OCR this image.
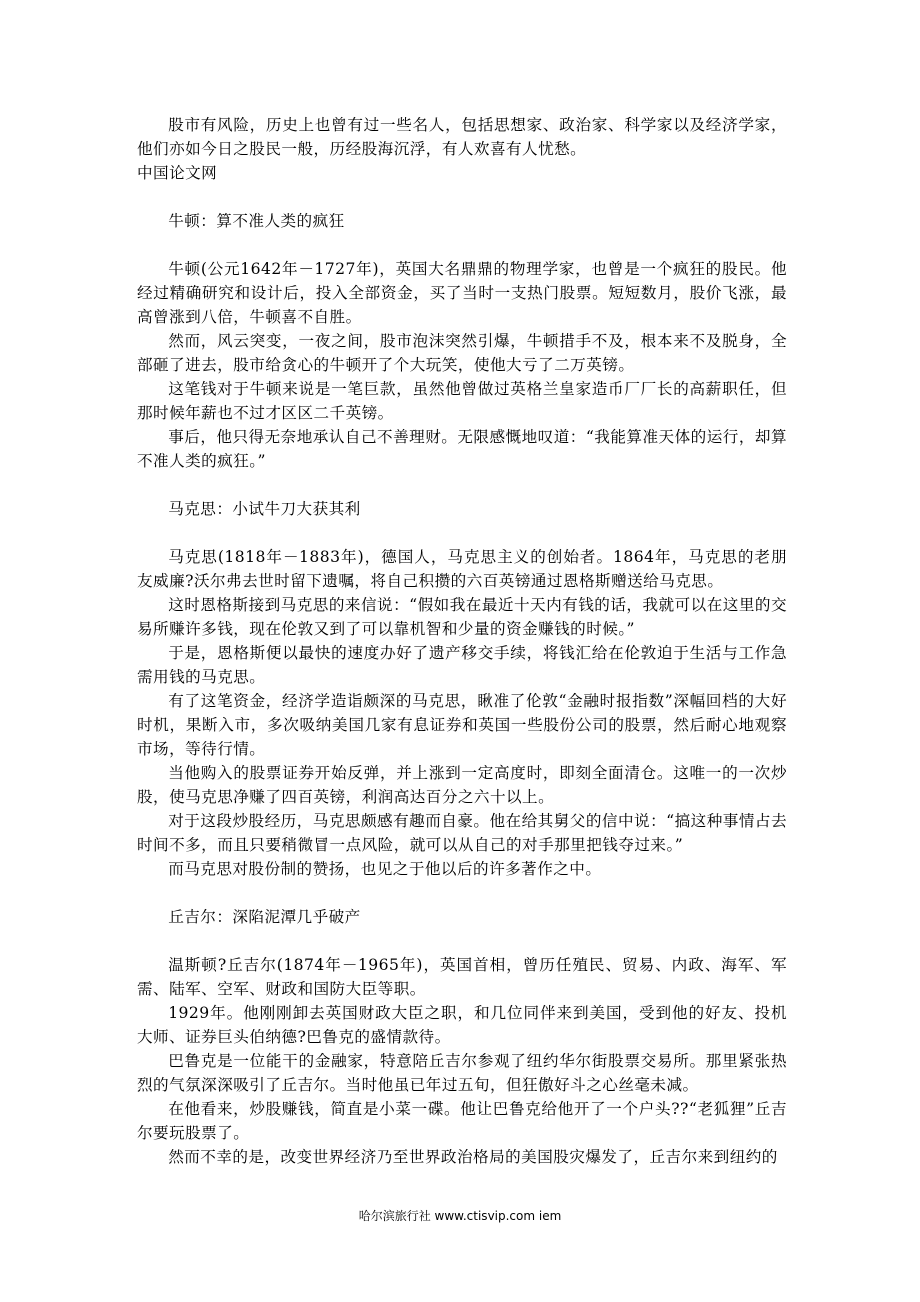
股市有风险，历史上也曾有过一些名人，包括思想家、政治家、科学家以及经济学家，他们亦如今日之股民一般，历经股海沉浮，有人欢喜有人忧愁。

中国论文网

牛顿：算不准人类的疯狂

牛顿(公元1642年－1727年)，英国大名鼎鼎的物理学家，也曾是一个疯狂的股民。他经过精确研究和设计后，投入全部资金，买了当时一支热门股票。短短数月，股价飞涨，最高曾涨到八倍，牛顿喜不自胜。

然而，风云突变，一夜之间，股市泡沫突然引爆，牛顿措手不及，根本来不及脱身，全部砸了进去，股市给贪心的牛顿开了个大玩笑，使他大亏了二万英镑。

这笔钱对于牛顿来说是一笔巨款，虽然他曾做过英格兰皇家造币厂厂长的高薪职任，但那时候年薪也不过才区区二千英镑。

事后，他只得无奈地承认自己不善理财。无限感慨地叹道：“我能算准天体的运行，却算不准人类的疯狂。”

马克思：小试牛刀大获其利

马克思(1818年－1883年)，德国人，马克思主义的创始者。1864年，马克思的老朋友威廉?沃尔弗去世时留下遗嘱，将自己积攒的六百英镑通过恩格斯赠送给马克思。

这时恩格斯接到马克思的来信说：“假如我在最近十天内有钱的话，我就可以在这里的交易所赚许多钱，现在伦敦又到了可以靠机智和少量的资金赚钱的时候。”

于是，恩格斯便以最快的速度办好了遗产移交手续，将钱汇给在伦敦迫于生活与工作急需用钱的马克思。

有了这笔资金，经济学造诣颇深的马克思，瞅准了伦敦“金融时报指数”深幅回档的大好时机，果断入市，多次吸纳美国几家有息证券和英国一些股份公司的股票，然后耐心地观察市场，等待行情。

当他购入的股票证券开始反弹，并上涨到一定高度时，即刻全面清仓。这唯一的一次炒股，使马克思净赚了四百英镑，利润高达百分之六十以上。

对于这段炒股经历，马克思颇感有趣而自豪。他在给其舅父的信中说：“搞这种事情占去时间不多，而且只要稍微冒一点风险，就可以从自己的对手那里把钱夺过来。”

而马克思对股份制的赞扬，也见之于他以后的许多著作之中。

丘吉尔：深陷泥潭几乎破产

温斯顿?丘吉尔(1874年－1965年)，英国首相，曾历任殖民、贸易、内政、海军、军需、陆军、空军、财政和国防大臣等职。

1929年。他刚刚卸去英国财政大臣之职，和几位同伴来到美国，受到他的好友、投机大师、证券巨头伯纳德?巴鲁克的盛情款待。

巴鲁克是一位能干的金融家，特意陪丘吉尔参观了纽约华尔街股票交易所。那里紧张热烈的气氛深深吸引了丘吉尔。当时他虽已年过五旬，但狂傲好斗之心丝毫未减。

在他看来，炒股赚钱，简直是小菜一碟。他让巴鲁克给他开了一个户头??“老狐狸”丘吉尔要玩股票了。

然而不幸的是，改变世界经济乃至世界政治格局的美国股灾爆发了，丘吉尔来到纽约的

哈尔滨旅行社 www.ctisvip.com iem
